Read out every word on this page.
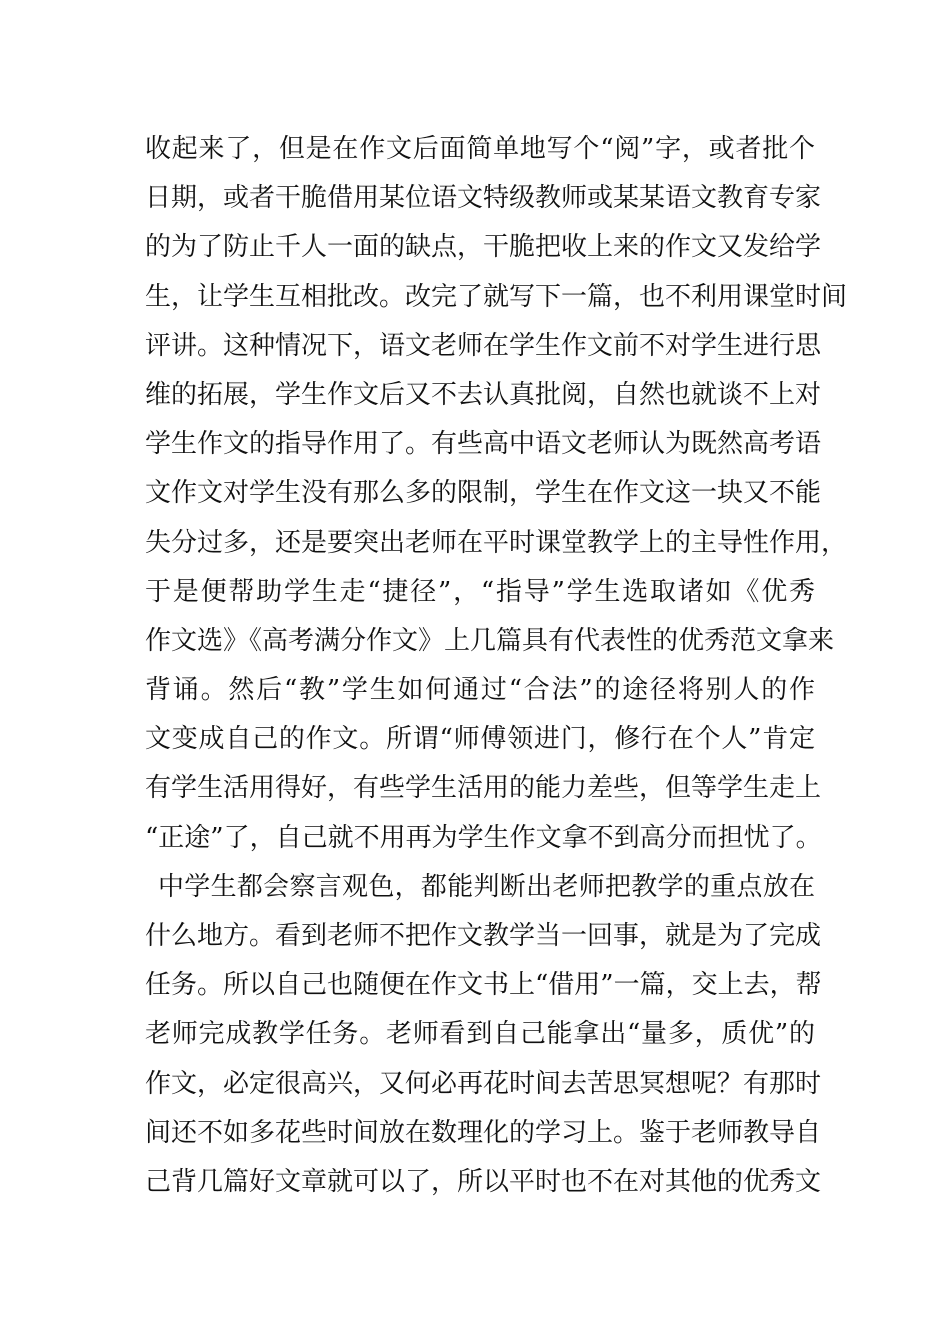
收起来了，但是在作文后面简单地写个“阅”字，或者批个
日期，或者干脆借用某位语文特级教师或某某语文教育专家
的为了防止千人一面的缺点，干脆把收上来的作文又发给学
生，让学生互相批改。改完了就写下一篇，也不利用课堂时间
评讲。这种情况下，语文老师在学生作文前不对学生进行思
维的拓展，学生作文后又不去认真批阅，自然也就谈不上对
学生作文的指导作用了。有些高中语文老师认为既然高考语
文作文对学生没有那么多的限制，学生在作文这一块又不能
失分过多，还是要突出老师在平时课堂教学上的主导性作用，
于是便帮助学生走“捷径”，“指导”学生选取诸如《优秀
作文选》《高考满分作文》上几篇具有代表性的优秀范文拿来
背诵。然后“教”学生如何通过“合法”的途径将别人的作
文变成自己的作文。所谓“师傅领进门，修行在个人”肯定
有学生活用得好，有些学生活用的能力差些，但等学生走上
“正途”了，自己就不用再为学生作文拿不到高分而担忧了。
中学生都会察言观色，都能判断出老师把教学的重点放在
什么地方。看到老师不把作文教学当一回事，就是为了完成
任务。所以自己也随便在作文书上“借用”一篇，交上去，帮
老师完成教学任务。老师看到自己能拿出“量多，质优”的
作文，必定很高兴，又何必再花时间去苦思冥想呢？有那时
间还不如多花些时间放在数理化的学习上。鉴于老师教导自
己背几篇好文章就可以了，所以平时也不在对其他的优秀文
